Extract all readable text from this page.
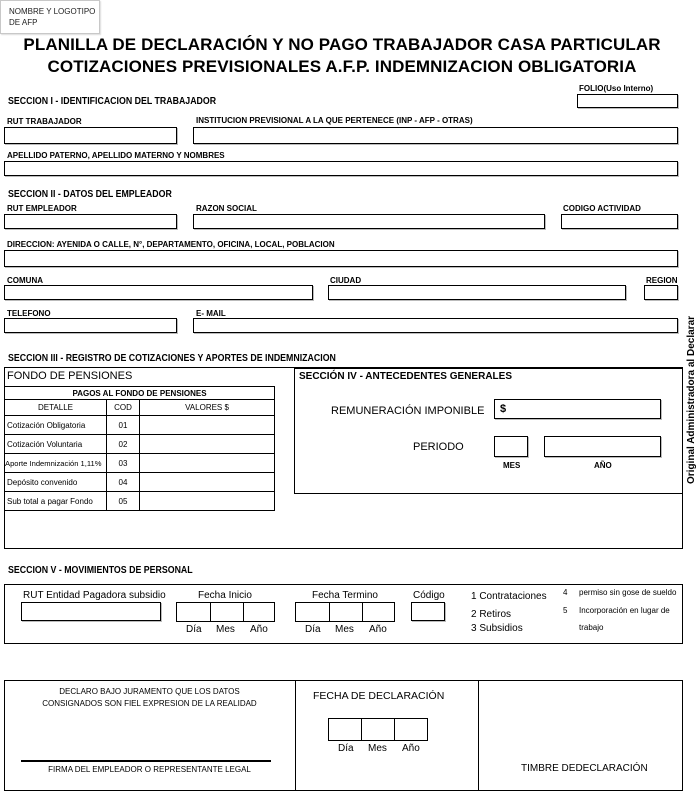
NOMBRE Y LOGOTIPO
DE AFP
PLANILLA DE DECLARACIÓN Y NO PAGO TRABAJADOR CASA PARTICULAR
COTIZACIONES PREVISIONALES A.F.P. INDEMNIZACION OBLIGATORIA
FOLIO(Uso Interno)
SECCION I - IDENTIFICACION DEL TRABAJADOR
RUT TRABAJADOR	INSTITUCION PREVISIONAL A LA QUE PERTENECE (INP - AFP - OTRAS)
APELLIDO PATERNO, APELLIDO MATERNO Y NOMBRES
SECCION II - DATOS DEL EMPLEADOR
RUT EMPLEADOR	RAZON SOCIAL	CODIGO ACTIVIDAD
DIRECCION: AYENIDA O CALLE, N°, DEPARTAMENTO, OFICINA, LOCAL, POBLACION
COMUNA	CIUDAD	REGION
TELEFONO	E- MAIL
Original Administradora al Declarar
SECCION III - REGISTRO DE COTIZACIONES Y APORTES DE INDEMNIZACION
FONDO DE PENSIONES
PAGOS AL FONDO DE PENSIONES		
DETALLE	COD	VALORES $
Cotización Obligatoria	01	
Cotización Voluntaria	02	
Aporte Indemnización 1,11%	03	
Depósito convenido	04	
Sub total a pagar Fondo	05	
SECCIÓN IV - ANTECEDENTES GENERALES
REMUNERACIÓN IMPONIBLE	$
PERIODO
MES	AÑO
SECCION V - MOVIMIENTOS DE PERSONAL
RUT Entidad Pagadora subsidio	Fecha Inicio
Día Mes Año
Fecha Termino
Día Mes Año
Código	1 Contrataciones
2 Retiros
3 Subsidios
4 permiso sin gose de sueldo
5 Incorporación en lugar de
trabajo
DECLARO BAJO JURAMENTO QUE LOS DATOS
CONSIGNADOS SON FIEL EXPRESION DE LA REALIDAD
FIRMA DEL EMPLEADOR O REPRESENTANTE LEGAL
FECHA DE DECLARACIÓN
Día Mes Año
TIMBRE DEDECLARACIÓN
